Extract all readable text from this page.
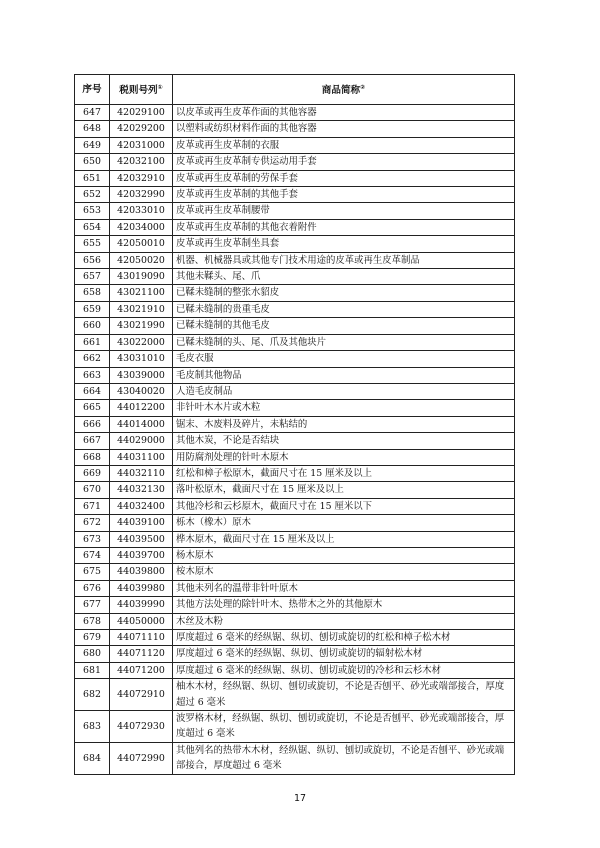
序号	税则号列①	商品简称②
647	42029100	以皮革或再生皮革作面的其他容器
648	42029200	以塑料或纺织材料作面的其他容器
649	42031000	皮革或再生皮革制的衣服
650	42032100	皮革或再生皮革制专供运动用手套
651	42032910	皮革或再生皮革制的劳保手套
652	42032990	皮革或再生皮革制的其他手套
653	42033010	皮革或再生皮革制腰带
654	42034000	皮革或再生皮革制的其他衣着附件
655	42050010	皮革或再生皮革制坐具套
656	42050020	机器、机械器具或其他专门技术用途的皮革或再生皮革制品
657	43019090	其他未鞣头、尾、爪
658	43021100	已鞣未缝制的整张水貂皮
659	43021910	已鞣未缝制的贵重毛皮
660	43021990	已鞣未缝制的其他毛皮
661	43022000	已鞣未缝制的头、尾、爪及其他块片
662	43031010	毛皮衣服
663	43039000	毛皮制其他物品
664	43040020	人造毛皮制品
665	44012200	非针叶木木片或木粒
666	44014000	锯末、木废料及碎片，未粘结的
667	44029000	其他木炭，不论是否结块
668	44031100	用防腐剂处理的针叶木原木
669	44032110	红松和樟子松原木，截面尺寸在 15 厘米及以上
670	44032130	落叶松原木，截面尺寸在 15 厘米及以上
671	44032400	其他冷杉和云杉原木，截面尺寸在 15 厘米以下
672	44039100	栎木（橡木）原木
673	44039500	桦木原木，截面尺寸在 15 厘米及以上
674	44039700	杨木原木
675	44039800	桉木原木
676	44039980	其他未列名的温带非针叶原木
677	44039990	其他方法处理的除针叶木、热带木之外的其他原木
678	44050000	木丝及木粉
679	44071110	厚度超过 6 毫米的经纵锯、纵切、刨切或旋切的红松和樟子松木材
680	44071120	厚度超过 6 毫米的经纵锯、纵切、刨切或旋切的辐射松木材
681	44071200	厚度超过 6 毫米的经纵锯、纵切、刨切或旋切的冷杉和云杉木材
682	44072910	柚木木材，经纵锯、纵切、刨切或旋切，不论是否刨平、砂光或端部接合，厚度超过 6 毫米
683	44072930	波罗格木材，经纵锯、纵切、刨切或旋切，不论是否刨平、砂光或端部接合，厚度超过 6 毫米
684	44072990	其他列名的热带木木材，经纵锯、纵切、刨切或旋切，不论是否刨平、砂光或端部接合，厚度超过 6 毫米
17
